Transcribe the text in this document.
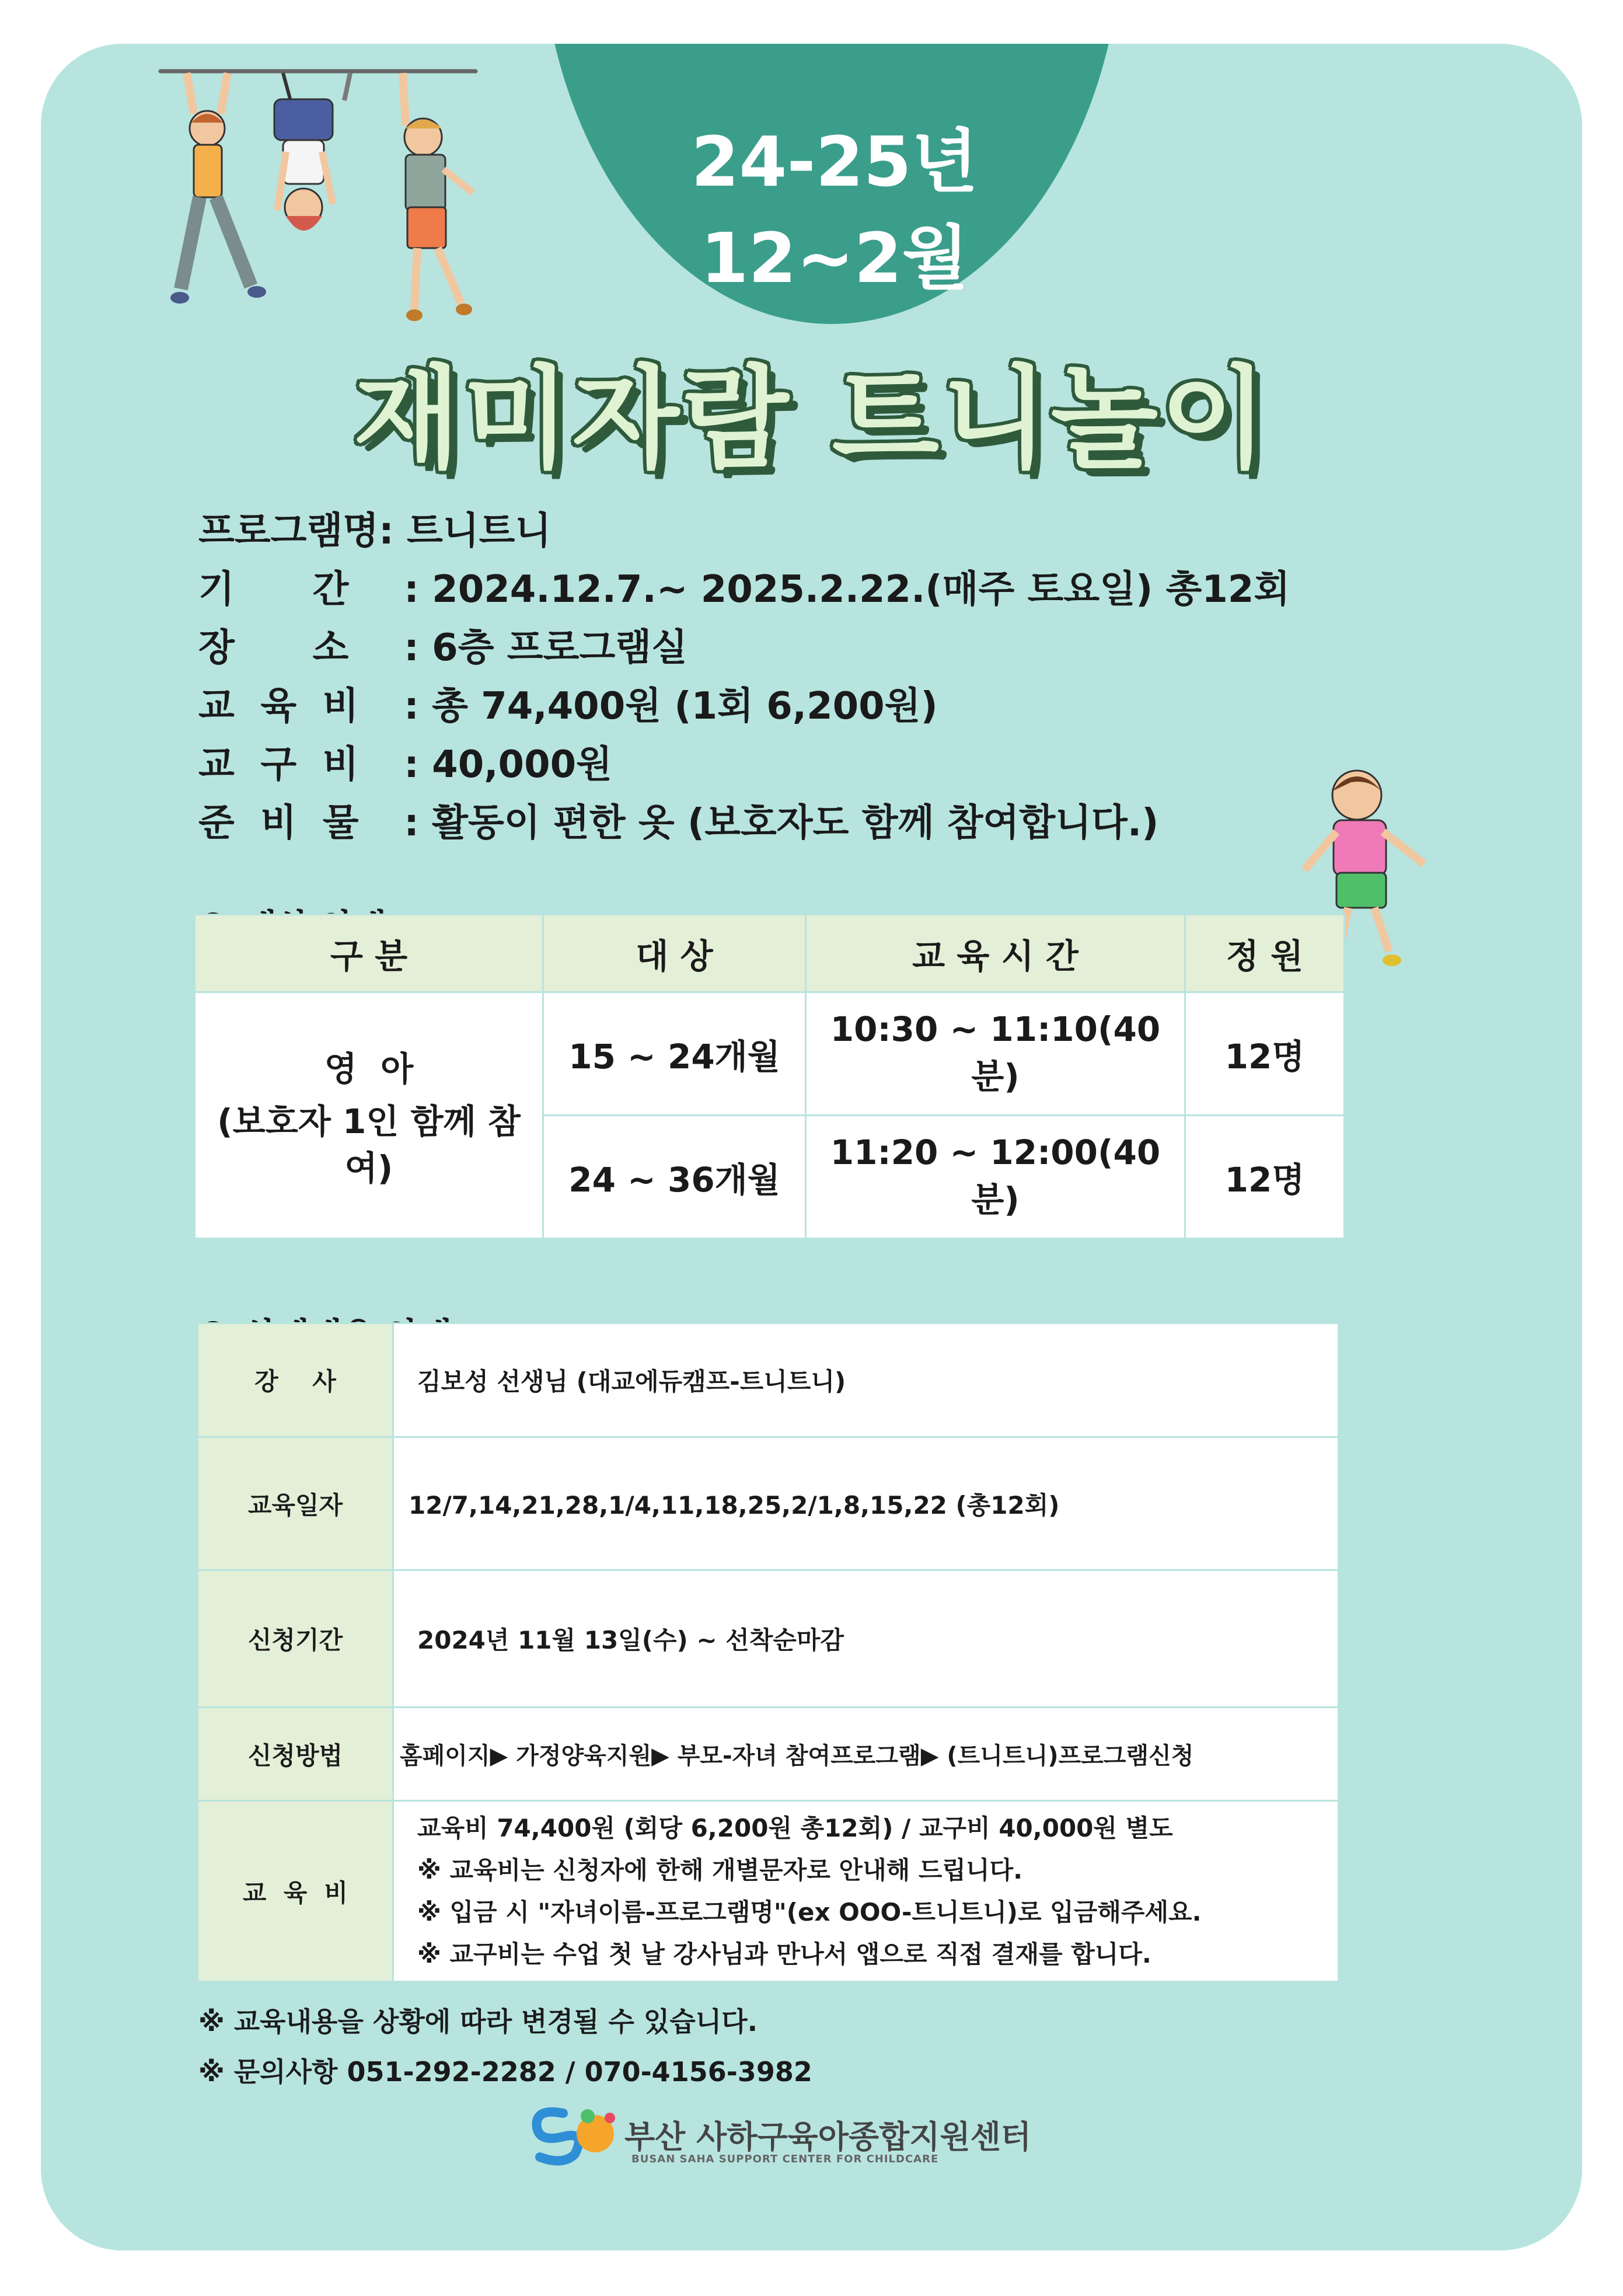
24-25년
12~2월
재미자람 트니놀이
프로그램명: 트니트니
기      간 : 2024.12.7.~ 2025.2.22.(매주 토요일) 총12회
장      소 : 6층 프로그램실
교  육  비 : 총 74,400원 (1회 6,200원)
교  구  비 : 40,000원
준  비  물 : 활동이 편한 옷 (보호자도 함께 참여합니다.)
구 분	대 상	교 육 시 간	정 원

영  아
(보호자 1인 함께 참여)	15 ~ 24개월	10:30 ~ 11:10(40분)	12명
	24 ~ 36개월	11:20 ~ 12:00(40분)	12명
강    사	김보성 선생님 (대교에듀캠프-트니트니)
교육일자	12/7,14,21,28,1/4,11,18,25,2/1,8,15,22 (총12회)
신청기간	2024년 11월 13일(수) ~ 선착순마감
신청방법	홈페이지▶ 가정양육지원▶ 부모-자녀 참여프로그램▶ (트니트니)프로그램신청
교  육  비	교육비 74,400원 (회당 6,200원 총12회) / 교구비 40,000원 별도
※ 교육비는 신청자에 한해 개별문자로 안내해 드립니다.
※ 입금 시 "자녀이름-프로그램명"(ex OOO-트니트니)로 입금해주세요.
※ 교구비는 수업 첫 날 강사님과 만나서 앱으로 직접 결재를 합니다.
※ 교육내용을 상황에 따라 변경될 수 있습니다.
※ 문의사항 051-292-2282 / 070-4156-3982
부산 사하구육아종합지원센터
BUSAN SAHA SUPPORT CENTER FOR CHILDCARE
